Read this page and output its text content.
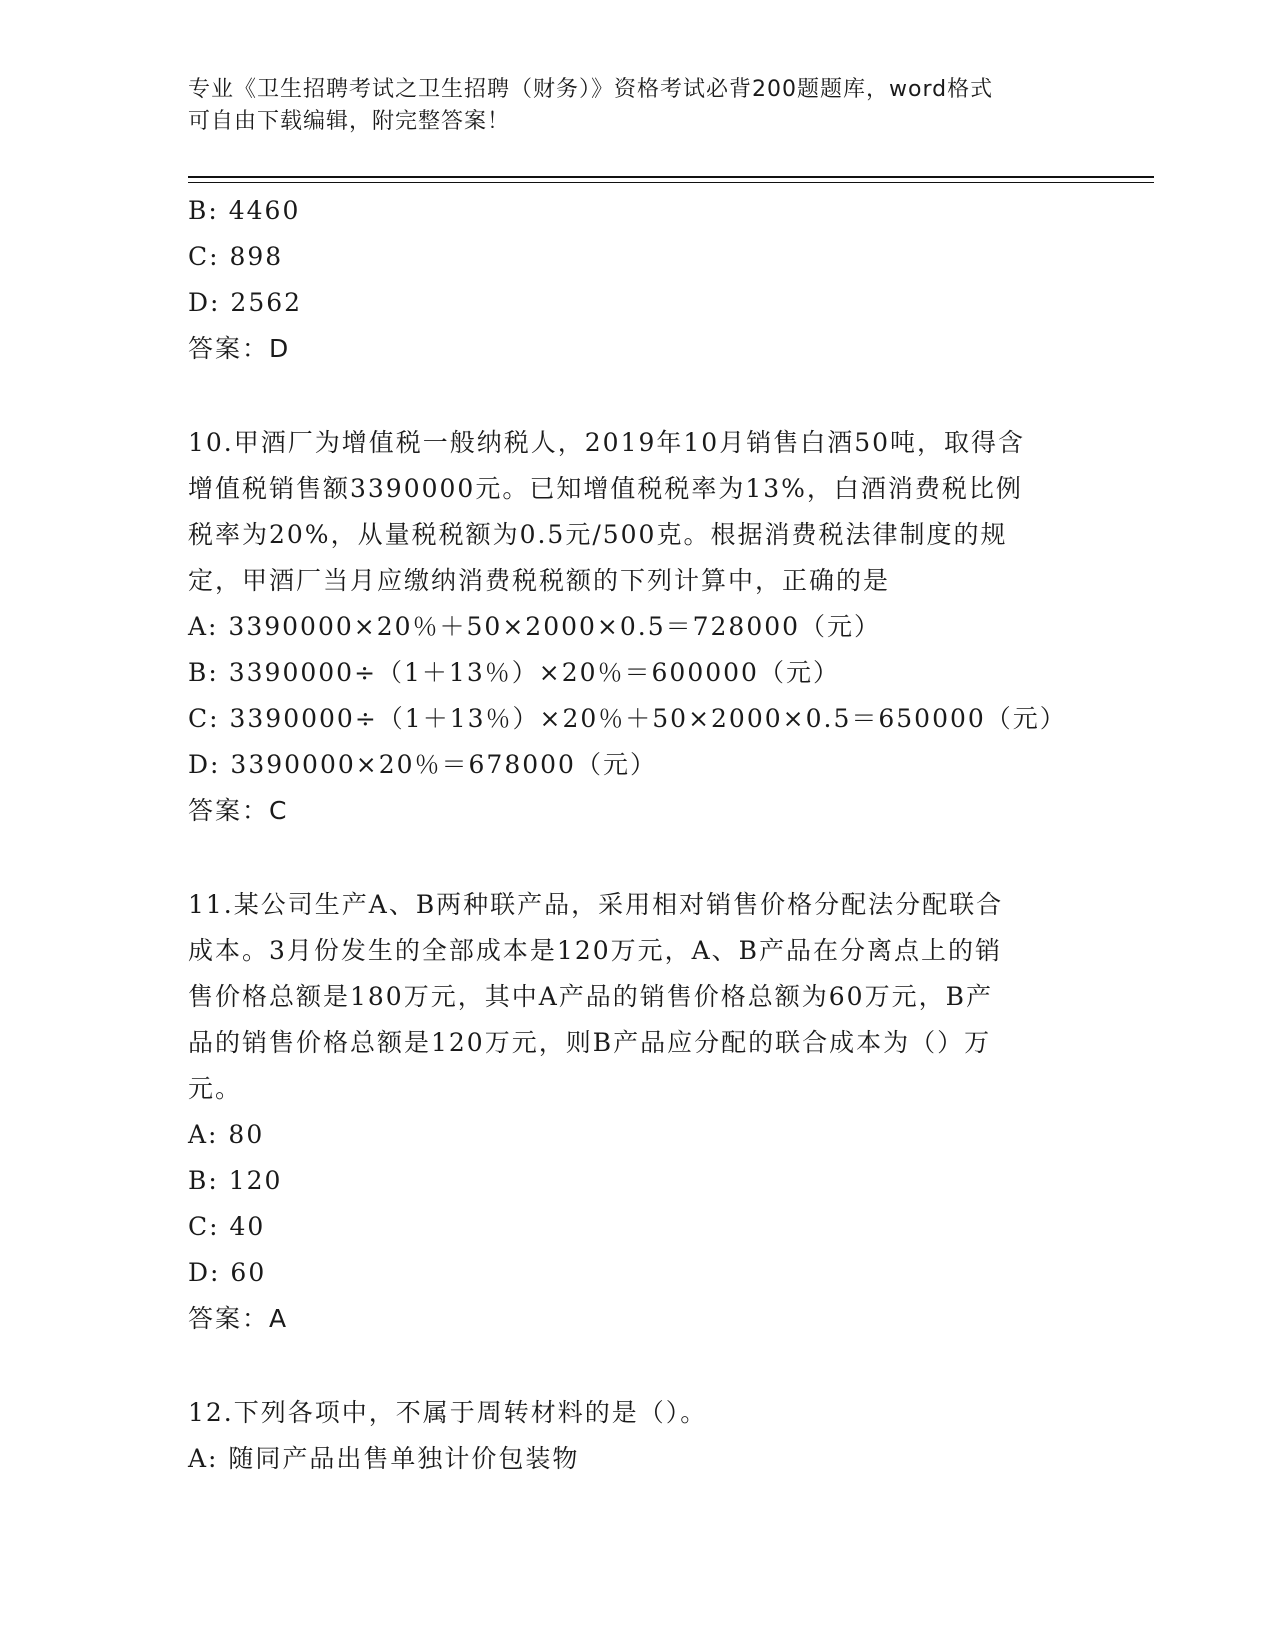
专业《卫生招聘考试之卫生招聘（财务）》资格考试必背200题题库，word格式
可自由下载编辑，附完整答案！
B: 4460
C: 898
D: 2562
答案：D
10.甲酒厂为增值税一般纳税人，2019年10月销售白酒50吨，取得含
增值税销售额3390000元。已知增值税税率为13%，白酒消费税比例
税率为20%，从量税税额为0.5元/500克。根据消费税法律制度的规
定，甲酒厂当月应缴纳消费税税额的下列计算中，正确的是
A: 3390000×20％＋50×2000×0.5＝728000（元）
B: 3390000÷（1＋13％）×20％＝600000（元）
C: 3390000÷（1＋13％）×20％＋50×2000×0.5＝650000（元）
D: 3390000×20％＝678000（元）
答案：C
11.某公司生产A、B两种联产品，采用相对销售价格分配法分配联合
成本。3月份发生的全部成本是120万元，A、B产品在分离点上的销
售价格总额是180万元，其中A产品的销售价格总额为60万元，B产
品的销售价格总额是120万元，则B产品应分配的联合成本为（）万
元。
A: 80
B: 120
C: 40
D: 60
答案：A
12.下列各项中，不属于周转材料的是（）。
A: 随同产品出售单独计价包装物
